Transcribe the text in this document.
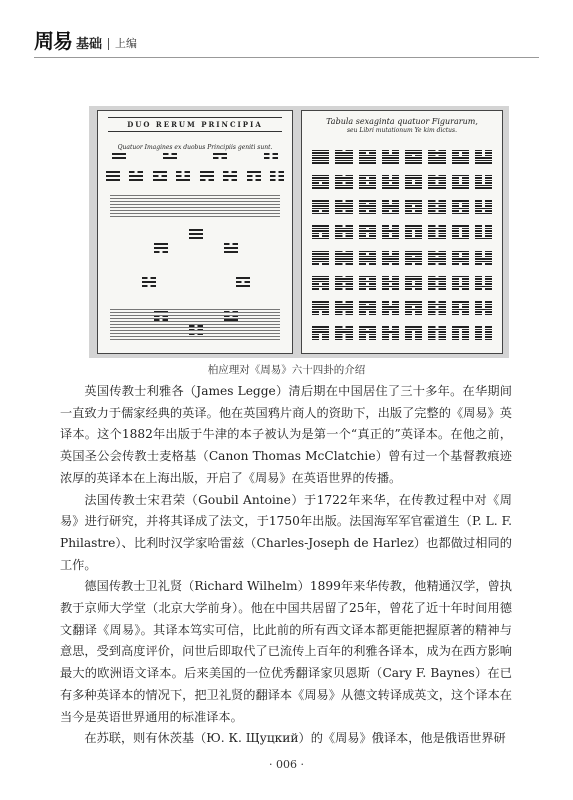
周易 基础 上编
DUO RERUM PRINCIPIA
Quatuor Imagines ex duobus Principiis geniti sunt.
Tabula sexaginta quatuor Figurarum,
seu Libri mutationum Ye kim dictus.
柏应理对《周易》六十四卦的介绍

英国传教士利雅各（James Legge）清后期在中国居住了三十多年。在华期间一直致力于儒家经典的英译。他在英国鸦片商人的资助下，出版了完整的《周易》英译本。这个1882年出版于牛津的本子被认为是第一个“真正的”英译本。在他之前，英国圣公会传教士麦格基（Canon Thomas McClatchie）曾有过一个基督教痕迹浓厚的英译本在上海出版，开启了《周易》在英语世界的传播。

法国传教士宋君荣（Goubil Antoine）于1722年来华，在传教过程中对《周易》进行研究，并将其译成了法文，于1750年出版。法国海军军官霍道生（P. L. F. Philastre）、比利时汉学家哈雷兹（Charles-Joseph de Harlez）也都做过相同的工作。

德国传教士卫礼贤（Richard Wilhelm）1899年来华传教，他精通汉学，曾执教于京师大学堂（北京大学前身）。他在中国共居留了25年，曾花了近十年时间用德文翻译《周易》。其译本笃实可信，比此前的所有西文译本都更能把握原著的精神与意思，受到高度评价，问世后即取代了已流传上百年的利雅各译本，成为在西方影响最大的欧洲语文译本。后来美国的一位优秀翻译家贝恩斯（Cary F. Baynes）在已有多种英译本的情况下，把卫礼贤的翻译本《周易》从德文转译成英文，这个译本在当今是英语世界通用的标准译本。

在苏联，则有休茨基（Ю. К. Щуцкий）的《周易》俄译本，他是俄语世界研

· 006 ·
